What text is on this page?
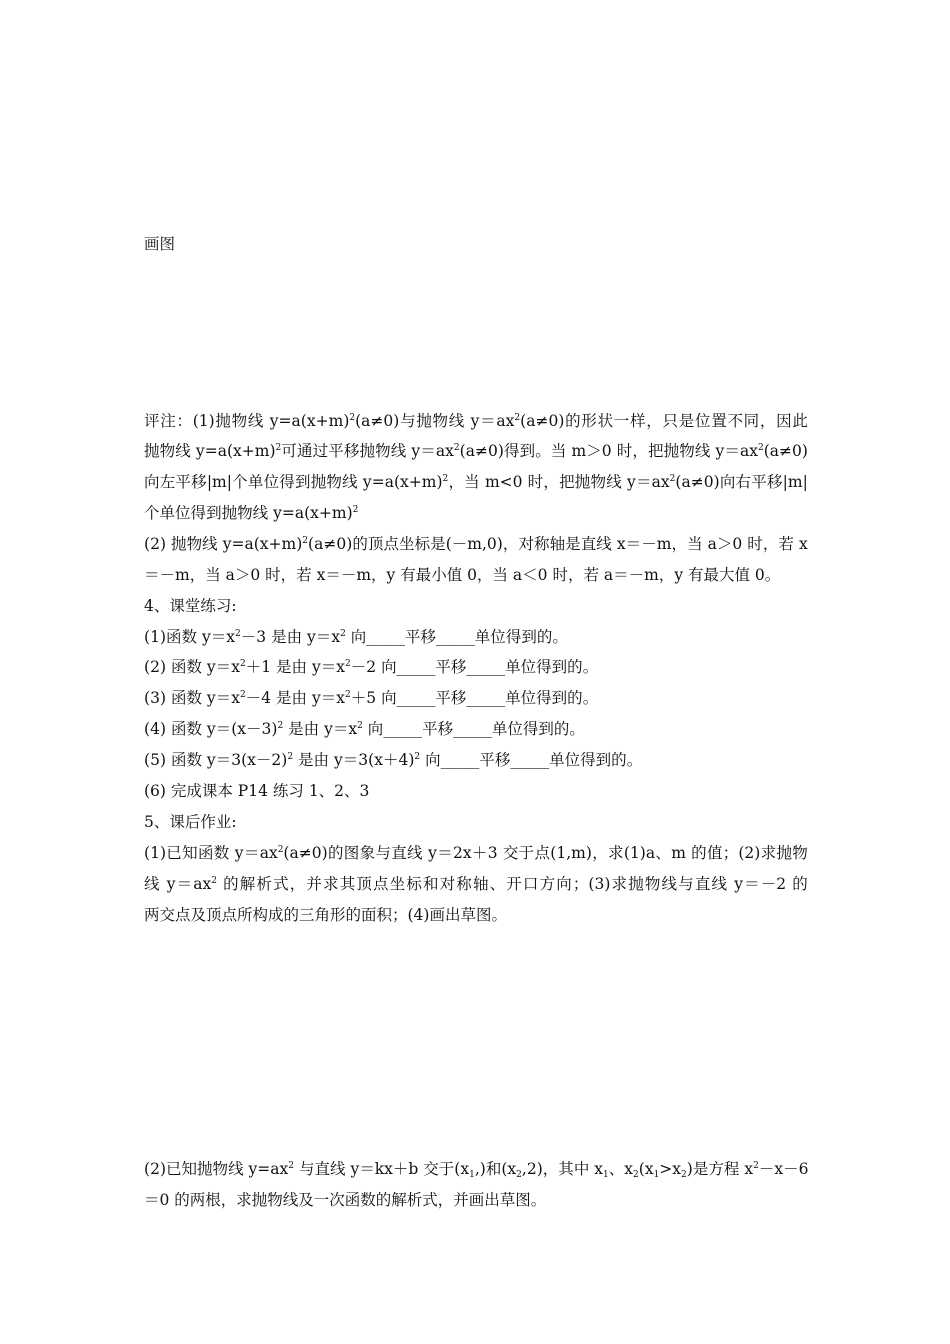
画图
评注：(1)抛物线 $y=a(x+m)^2(a\ne 0)$与抛物线 $y=ax^2(a\ne 0)$的形状一样，只是位置不同，因此
抛物线 $y=a(x+m)^2$可通过平移抛物线 $y=ax^2(a\ne 0)$得到。当 m＞0 时，把抛物线 $y=ax^2(a\ne 0)$
向左平移|m|个单位得到抛物线 $y=a(x+m)^2$，当 m<0 时，把抛物线 $y=ax^2(a\ne 0)$向右平移|m|
个单位得到抛物线 $y=a(x+m)^2$
(2) 抛物线 $y=a(x+m)^2(a\ne 0)$的顶点坐标是(－m,0)，对称轴是直线 x＝－m，当 a＞0 时，若 x
＝－m，当 a＞0 时，若 x＝－m，y 有最小值 0，当 a＜0 时，若 a＝－m，y 有最大值 0。
4、课堂练习:
(1)函数 $y=x^2-3$ 是由 $y=x^2$ 向_____平移_____单位得到的。
(2) 函数 $y=x^2+1$ 是由 $y=x^2-2$ 向_____平移_____单位得到的。
(3) 函数 $y=x^2-4$ 是由 $y=x^2+5$ 向_____平移_____单位得到的。
(4) 函数 $y=(x-3)^2$ 是由 $y=x^2$ 向_____平移_____单位得到的。
(5) 函数 $y=3(x-2)^2$ 是由 $y=3(x+4)^2$ 向_____平移_____单位得到的。
(6) 完成课本 P14 练习 1、2、3
5、课后作业:
(1)已知函数 $y=ax^2(a\ne 0)$的图象与直线 y＝2x＋3 交于点(1,m)，求(1)a、m 的值；(2)求抛物
线 $y=ax^2$ 的解析式，并求其顶点坐标和对称轴、开口方向；(3)求抛物线与直线 y＝－2 的
两交点及顶点所构成的三角形的面积；(4)画出草图。
(2)已知抛物线 $y=ax^2$ 与直线 y＝kx＋b 交于$(x_1,)$和$(x_2,2)$，其中 $x_1$、$x_2(x_1>x_2)$是方程 $x^2-x-6$
＝0 的两根，求抛物线及一次函数的解析式，并画出草图。
